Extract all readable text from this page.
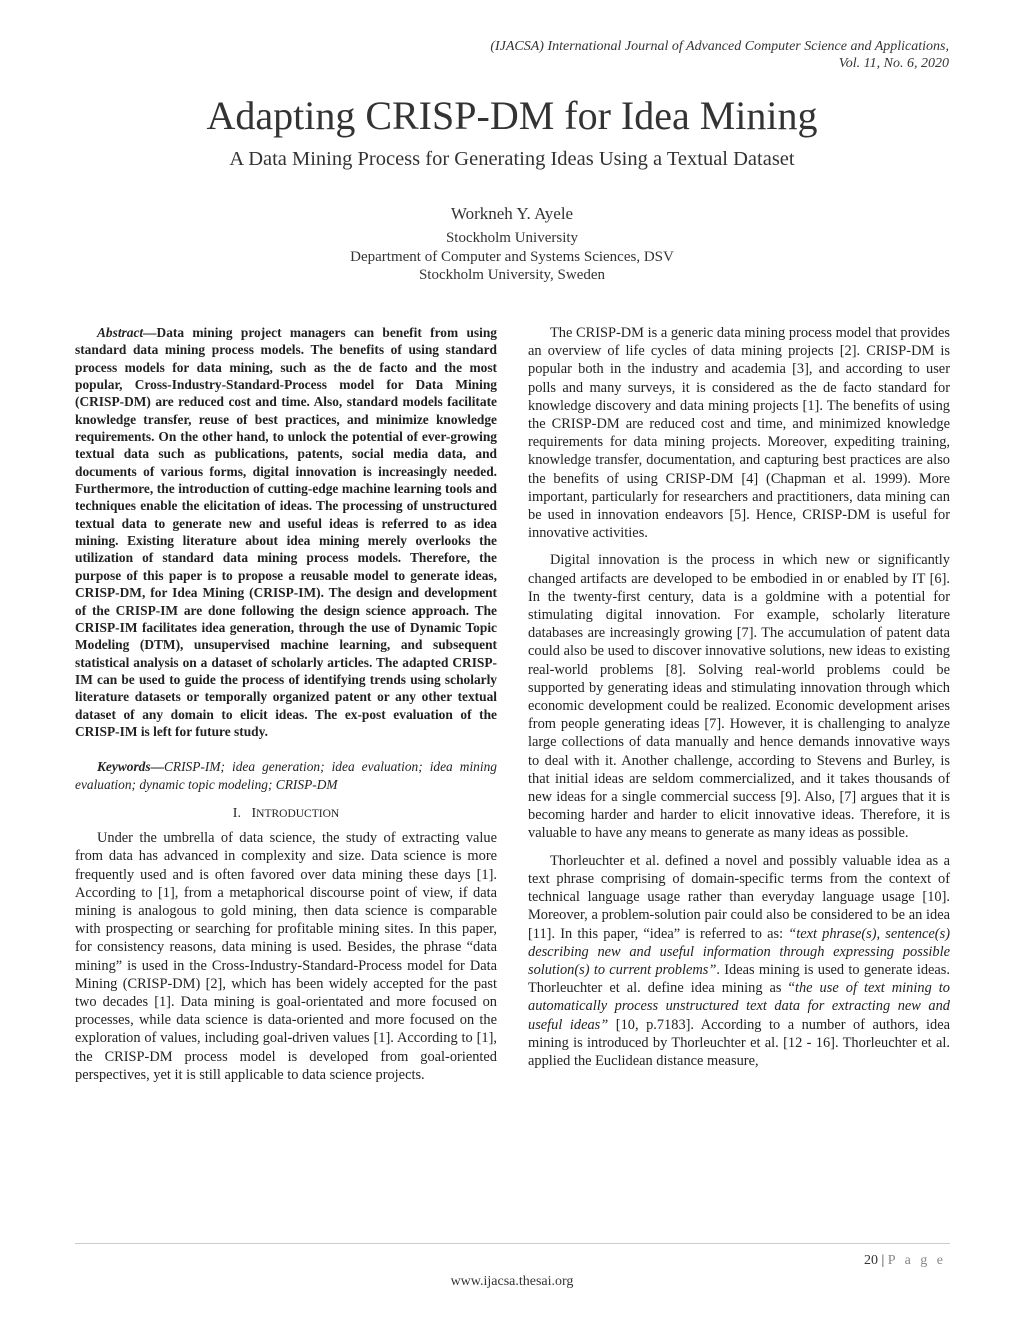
(IJACSA) International Journal of Advanced Computer Science and Applications,
Vol. 11, No. 6, 2020
Adapting CRISP-DM for Idea Mining
A Data Mining Process for Generating Ideas Using a Textual Dataset
Workneh Y. Ayele
Stockholm University
Department of Computer and Systems Sciences, DSV
Stockholm University, Sweden

Abstract—Data mining project managers can benefit from using standard data mining process models. The benefits of using standard process models for data mining, such as the de facto and the most popular, Cross-Industry-Standard-Process model for Data Mining (CRISP-DM) are reduced cost and time. Also, standard models facilitate knowledge transfer, reuse of best practices, and minimize knowledge requirements. On the other hand, to unlock the potential of ever-growing textual data such as publications, patents, social media data, and documents of various forms, digital innovation is increasingly needed. Furthermore, the introduction of cutting-edge machine learning tools and techniques enable the elicitation of ideas. The processing of unstructured textual data to generate new and useful ideas is referred to as idea mining. Existing literature about idea mining merely overlooks the utilization of standard data mining process models. Therefore, the purpose of this paper is to propose a reusable model to generate ideas, CRISP-DM, for Idea Mining (CRISP-IM). The design and development of the CRISP-IM are done following the design science approach. The CRISP-IM facilitates idea generation, through the use of Dynamic Topic Modeling (DTM), unsupervised machine learning, and subsequent statistical analysis on a dataset of scholarly articles. The adapted CRISP-IM can be used to guide the process of identifying trends using scholarly literature datasets or temporally organized patent or any other textual dataset of any domain to elicit ideas. The ex-post evaluation of the CRISP-IM is left for future study.

Keywords—CRISP-IM; idea generation; idea evaluation; idea mining evaluation; dynamic topic modeling; CRISP-DM

I. INTRODUCTION

Under the umbrella of data science, the study of extracting value from data has advanced in complexity and size. Data science is more frequently used and is often favored over data mining these days [1]. According to [1], from a metaphorical discourse point of view, if data mining is analogous to gold mining, then data science is comparable with prospecting or searching for profitable mining sites. In this paper, for consistency reasons, data mining is used. Besides, the phrase “data mining” is used in the Cross-Industry-Standard-Process model for Data Mining (CRISP-DM) [2], which has been widely accepted for the past two decades [1]. Data mining is goal-orientated and more focused on processes, while data science is data-oriented and more focused on the exploration of values, including goal-driven values [1]. According to [1], the CRISP-DM process model is developed from goal-oriented perspectives, yet it is still applicable to data science projects.

The CRISP-DM is a generic data mining process model that provides an overview of life cycles of data mining projects [2]. CRISP-DM is popular both in the industry and academia [3], and according to user polls and many surveys, it is considered as the de facto standard for knowledge discovery and data mining projects [1]. The benefits of using the CRISP-DM are reduced cost and time, and minimized knowledge requirements for data mining projects. Moreover, expediting training, knowledge transfer, documentation, and capturing best practices are also the benefits of using CRISP-DM [4] (Chapman et al. 1999). More important, particularly for researchers and practitioners, data mining can be used in innovation endeavors [5]. Hence, CRISP-DM is useful for innovative activities.

Digital innovation is the process in which new or significantly changed artifacts are developed to be embodied in or enabled by IT [6]. In the twenty-first century, data is a goldmine with a potential for stimulating digital innovation. For example, scholarly literature databases are increasingly growing [7]. The accumulation of patent data could also be used to discover innovative solutions, new ideas to existing real-world problems [8]. Solving real-world problems could be supported by generating ideas and stimulating innovation through which economic development could be realized. Economic development arises from people generating ideas [7]. However, it is challenging to analyze large collections of data manually and hence demands innovative ways to deal with it. Another challenge, according to Stevens and Burley, is that initial ideas are seldom commercialized, and it takes thousands of new ideas for a single commercial success [9]. Also, [7] argues that it is becoming harder and harder to elicit innovative ideas. Therefore, it is valuable to have any means to generate as many ideas as possible.

Thorleuchter et al. defined a novel and possibly valuable idea as a text phrase comprising of domain-specific terms from the context of technical language usage rather than everyday language usage [10]. Moreover, a problem-solution pair could also be considered to be an idea [11]. In this paper, “idea” is referred to as: “text phrase(s), sentence(s) describing new and useful information through expressing possible solution(s) to current problems”. Ideas mining is used to generate ideas. Thorleuchter et al. define idea mining as “the use of text mining to automatically process unstructured text data for extracting new and useful ideas” [10, p.7183]. According to a number of authors, idea mining is introduced by Thorleuchter et al. [12 - 16]. Thorleuchter et al. applied the Euclidean distance measure,

20 | P a g e
www.ijacsa.thesai.org
